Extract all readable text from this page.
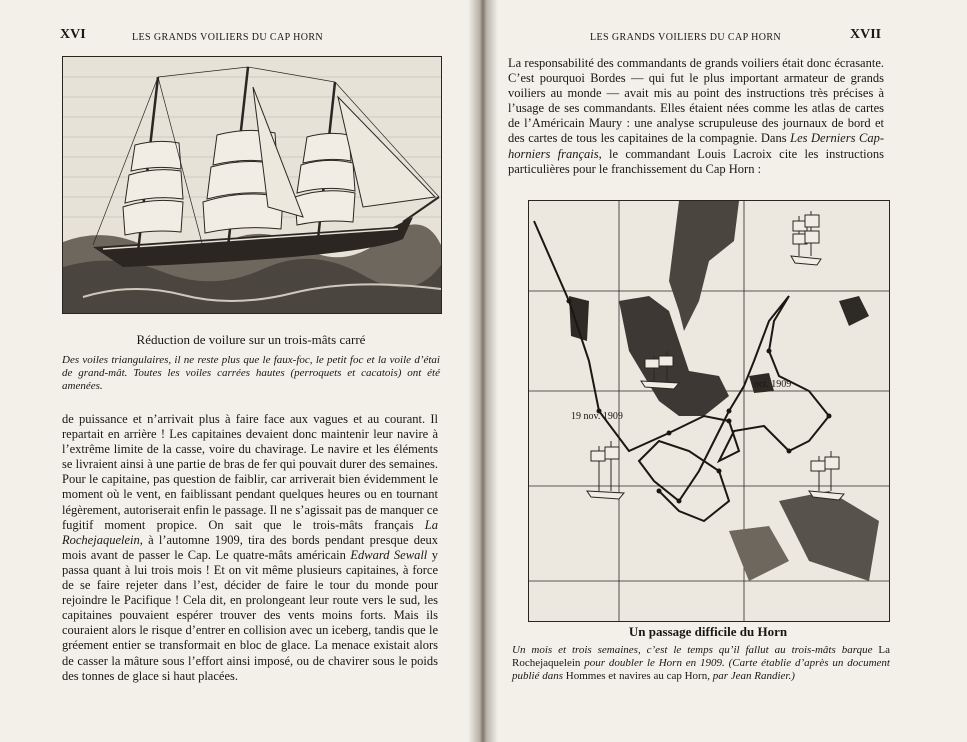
XVI	LES GRANDS VOILIERS DU CAP HORN
Réduction de voilure sur un trois-mâts carré
Des voiles triangulaires, il ne reste plus que le faux-foc, le petit foc et la voile d’étai de grand-mât. Toutes les voiles carrées hautes (perroquets et cacatois) ont été amenées.

de puissance et n’arrivait plus à faire face aux vagues et au courant. Il repartait en arrière ! Les capitaines devaient donc maintenir leur navire à l’extrême limite de la casse, voire du chavirage. Le navire et les éléments se livraient ainsi à une partie de bras de fer qui pouvait durer des semaines. Pour le capitaine, pas question de faiblir, car arriverait bien évidemment le moment où le vent, en faiblissant pendant quelques heures ou en tournant légèrement, autoriserait enfin le passage. Il ne s’agissait pas de manquer ce fugitif moment propice. On sait que le trois-mâts français La Rochejaquelein, à l’automne 1909, tira des bords pendant presque deux mois avant de passer le Cap. Le quatre-mâts américain Edward Sewall y passa quant à lui trois mois ! Et on vit même plusieurs capitaines, à force de se faire rejeter dans l’est, décider de faire le tour du monde pour rejoindre le Pacifique ! Cela dit, en prolongeant leur route vers le sud, les capitaines pouvaient espérer trouver des vents moins forts. Mais ils couraient alors le risque d’entrer en collision avec un iceberg, tandis que le gréement entier se transformait en bloc de glace. La menace existait alors de casser la mâture sous l’effort ainsi imposé, ou de chavirer sous le poids des tonnes de glace si haut placées.

LES GRANDS VOILIERS DU CAP HORN	XVII

La responsabilité des commandants de grands voiliers était donc écrasante. C’est pourquoi Bordes — qui fut le plus important armateur de grands voiliers au monde — avait mis au point des instructions très précises à l’usage de ses commandants. Elles étaient nées comme les atlas de cartes de l’Américain Maury : une analyse scrupuleuse des journaux de bord et des cartes de tous les capitaines de la compagnie. Dans Les Derniers Cap-horniers français, le commandant Louis Lacroix cite les instructions particulières pour le franchissement du Cap Horn :

19 nov. 1909
oct. 1909
Un passage difficile du Horn
Un mois et trois semaines, c’est le temps qu’il fallut au trois-mâts barque La Rochejaquelein pour doubler le Horn en 1909. (Carte établie d’après un document publié dans Hommes et navires au cap Horn, par Jean Randier.)
